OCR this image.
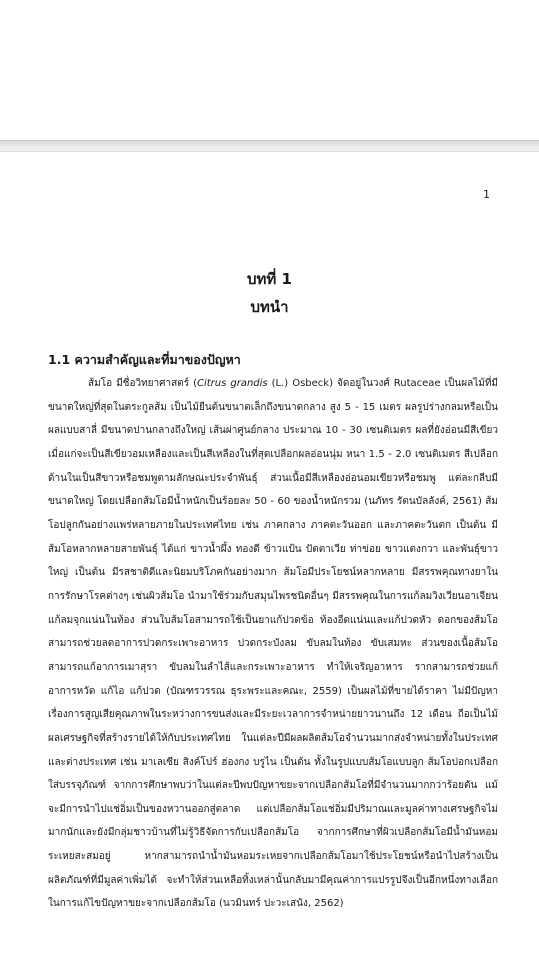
1
บทที่ 1
บทนำ
1.1 ความสำคัญและที่มาของปัญหา

ส้มโอ มีชื่อวิทยาศาสตร์ (Citrus grandis (L.) Osbeck) จัดอยู่ในวงศ์ Rutaceae เป็นผลไม้ที่มีขนาดใหญ่ที่สุดในตระกูลส้ม เป็นไม้ยืนต้นขนาดเล็กถึงขนาดกลาง สูง 5 - 15 เมตร ผลรูปร่างกลมหรือเป็นผลแบบสาลี่ มีขนาดปานกลางถึงใหญ่ เส้นผ่าศูนย์กลาง ประมาณ 10 - 30 เซนติเมตร ผลที่ยังอ่อนมีสีเขียว เมื่อแก่จะเป็นสีเขียวอมเหลืองและเป็นสีเหลืองในที่สุดเปลือกผลอ่อนนุ่ม หนา 1.5 - 2.0 เซนติเมตร สีเปลือกด้านในเป็นสีขาวหรือชมพูตามลักษณะประจำพันธุ์ ส่วนเนื้อมีสีเหลืองอ่อนอมเขียวหรือชมพู แต่ละกลีบมีขนาดใหญ่ โดยเปลือกส้มโอมีน้ำหนักเป็นร้อยละ 50 - 60 ของน้ำหนักรวม (นภัทร รัตนบัลลังค์, 2561) ส้มโอปลูกกันอย่างแพร่หลายภายในประเทศไทย เช่น ภาคกลาง ภาคตะวันออก และภาคตะวันตก เป็นต้น มีส้มโอหลากหลายสายพันธุ์ ได้แก่ ขาวน้ำผึ้ง ทองดี ข้าวแป้น ปัตตาเวีย ท่าข่อย ขาวแตงกวา และพันธุ์ขาวใหญ่ เป็นต้น มีรสชาติดีและนิยมบริโภคกันอย่างมาก ส้มโอมีประโยชน์หลากหลาย มีสรรพคุณทางยาในการรักษาโรคต่างๆ เช่นผิวส้มโอ นำมาใช้ร่วมกับสมุนไพรชนิดอื่นๆ มีสรรพคุณในการแก้ลมวิงเวียนอาเจียน แก้ลมจุกแน่นในท้อง ส่วนใบส้มโอสามารถใช้เป็นยาแก้ปวดข้อ ท้องอืดแน่นและแก้ปวดหัว ดอกของส้มโอสามารถช่วยลดอาการปวดกระเพาะอาหาร ปวดกระบังลม ขับลมในท้อง ขับเสมหะ ส่วนของเนื้อส้มโอสามารถแก้อาการเมาสุรา ขับลมในลำไส้และกระเพาะอาหาร ทำให้เจริญอาหาร รากสามารถช่วยแก้อาการหวัด แก้ไอ แก้ปวด (บัณฑรวรรณ ธุระพระและคณะ, 2559) เป็นผลไม้ที่ขายได้ราคา ไม่มีปัญหาเรื่องการสูญเสียคุณภาพในระหว่างการขนส่งและมีระยะเวลาการจำหน่ายยาวนานถึง 12 เดือน ถือเป็นไม้ผลเศรษฐกิจที่สร้างรายได้ให้กับประเทศไทย ในแต่ละปีมีผลผลิตส้มโอจำนวนมากส่งจำหน่ายทั้งในประเทศและต่างประเทศ เช่น มาเลเซีย สิงค์โปร์ ฮ่องกง บรูไน เป็นต้น ทั้งในรูปแบบส้มโอแบบลูก ส้มโอปอกเปลือกใส่บรรจุภัณฑ์ จากการศึกษาพบว่าในแต่ละปีพบปัญหาขยะจากเปลือกส้มโอที่มีจำนวนมากกว่าร้อยตัน แม้จะมีการนำไปแช่อิ่มเป็นของหวานออกสู่ตลาด แต่เปลือกส้มโอแช่อิ่มมีปริมาณและมูลค่าทางเศรษฐกิจไม่มากนักและยังมีกลุ่มชาวบ้านที่ไม่รู้วิธีจัดการกับเปลือกส้มโอ จากการศึกษาที่ผิวเปลือกส้มโอมีน้ำมันหอมระเหยสะสมอยู่ หากสามารถนำน้ำมันหอมระเหยจากเปลือกส้มโอมาใช้ประโยชน์หรือนำไปสร้างเป็นผลิตภัณฑ์ที่มีมูลค่าเพิ่มได้ จะทำให้ส่วนเหลือทิ้งเหล่านั้นกลับมามีคุณค่าการแปรรูปจึงเป็นอีกหนึ่งทางเลือกในการแก้ไขปัญหาขยะจากเปลือกส้มโอ (นวมินทร์ ปะวะเสนัง, 2562)
